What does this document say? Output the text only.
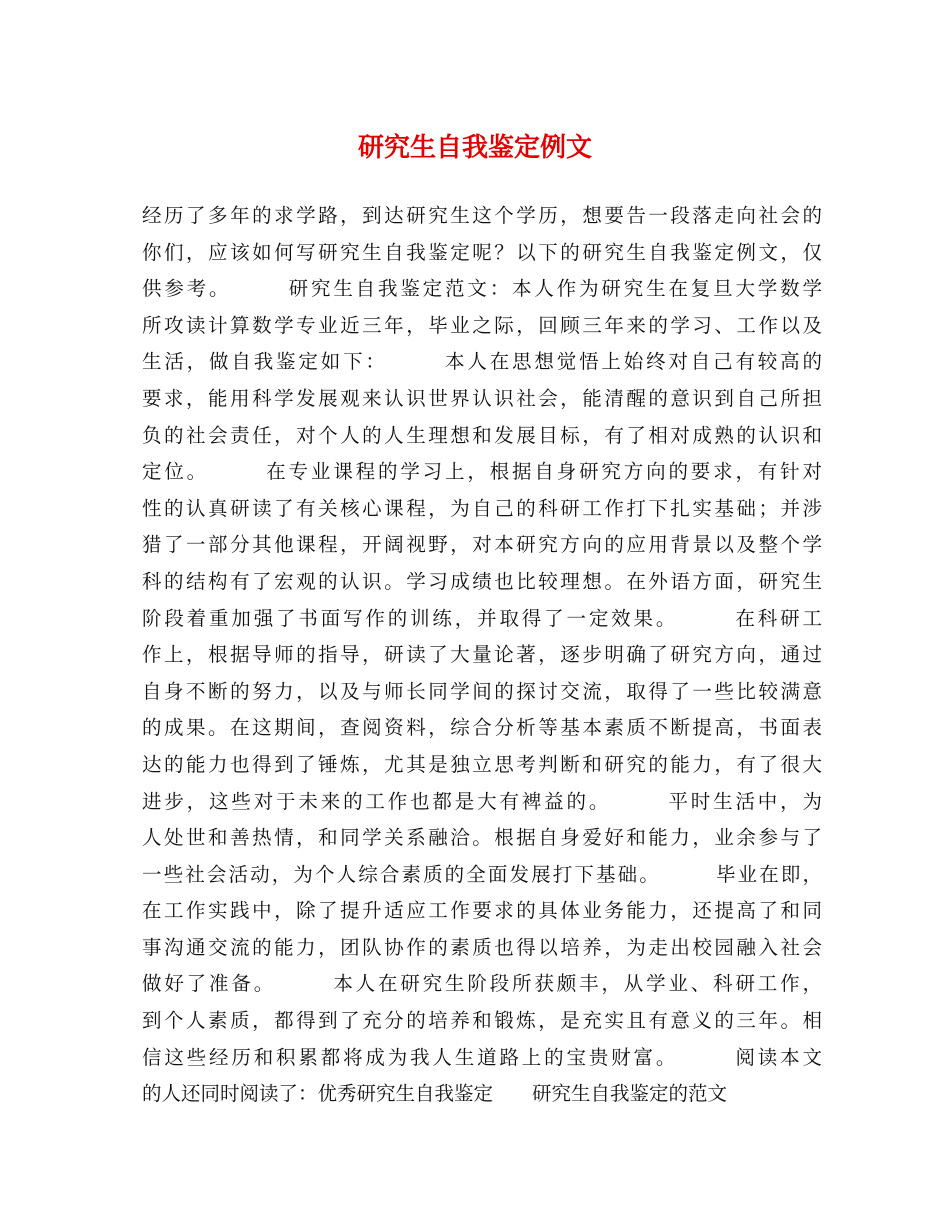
研究生自我鉴定例文
经历了多年的求学路，到达研究生这个学历，想要告一段落走向社会的
你们，应该如何写研究生自我鉴定呢？以下的研究生自我鉴定例文，仅
供参考。　　　研究生自我鉴定范文：本人作为研究生在复旦大学数学
所攻读计算数学专业近三年，毕业之际，回顾三年来的学习、工作以及
生活，做自我鉴定如下：　　　本人在思想觉悟上始终对自己有较高的
要求，能用科学发展观来认识世界认识社会，能清醒的意识到自己所担
负的社会责任，对个人的人生理想和发展目标，有了相对成熟的认识和
定位。　　　在专业课程的学习上，根据自身研究方向的要求，有针对
性的认真研读了有关核心课程，为自己的科研工作打下扎实基础；并涉
猎了一部分其他课程，开阔视野，对本研究方向的应用背景以及整个学
科的结构有了宏观的认识。学习成绩也比较理想。在外语方面，研究生
阶段着重加强了书面写作的训练，并取得了一定效果。　　　在科研工
作上，根据导师的指导，研读了大量论著，逐步明确了研究方向，通过
自身不断的努力，以及与师长同学间的探讨交流，取得了一些比较满意
的成果。在这期间，查阅资料，综合分析等基本素质不断提高，书面表
达的能力也得到了锤炼，尤其是独立思考判断和研究的能力，有了很大
进步，这些对于未来的工作也都是大有裨益的。　　　平时生活中，为
人处世和善热情，和同学关系融洽。根据自身爱好和能力，业余参与了
一些社会活动，为个人综合素质的全面发展打下基础。　　　毕业在即，
在工作实践中，除了提升适应工作要求的具体业务能力，还提高了和同
事沟通交流的能力，团队协作的素质也得以培养，为走出校园融入社会
做好了准备。　　　本人在研究生阶段所获颇丰，从学业、科研工作，
到个人素质，都得到了充分的培养和锻炼，是充实且有意义的三年。相
信这些经历和积累都将成为我人生道路上的宝贵财富。　　　阅读本文
的人还同时阅读了：优秀研究生自我鉴定　　研究生自我鉴定的范文
